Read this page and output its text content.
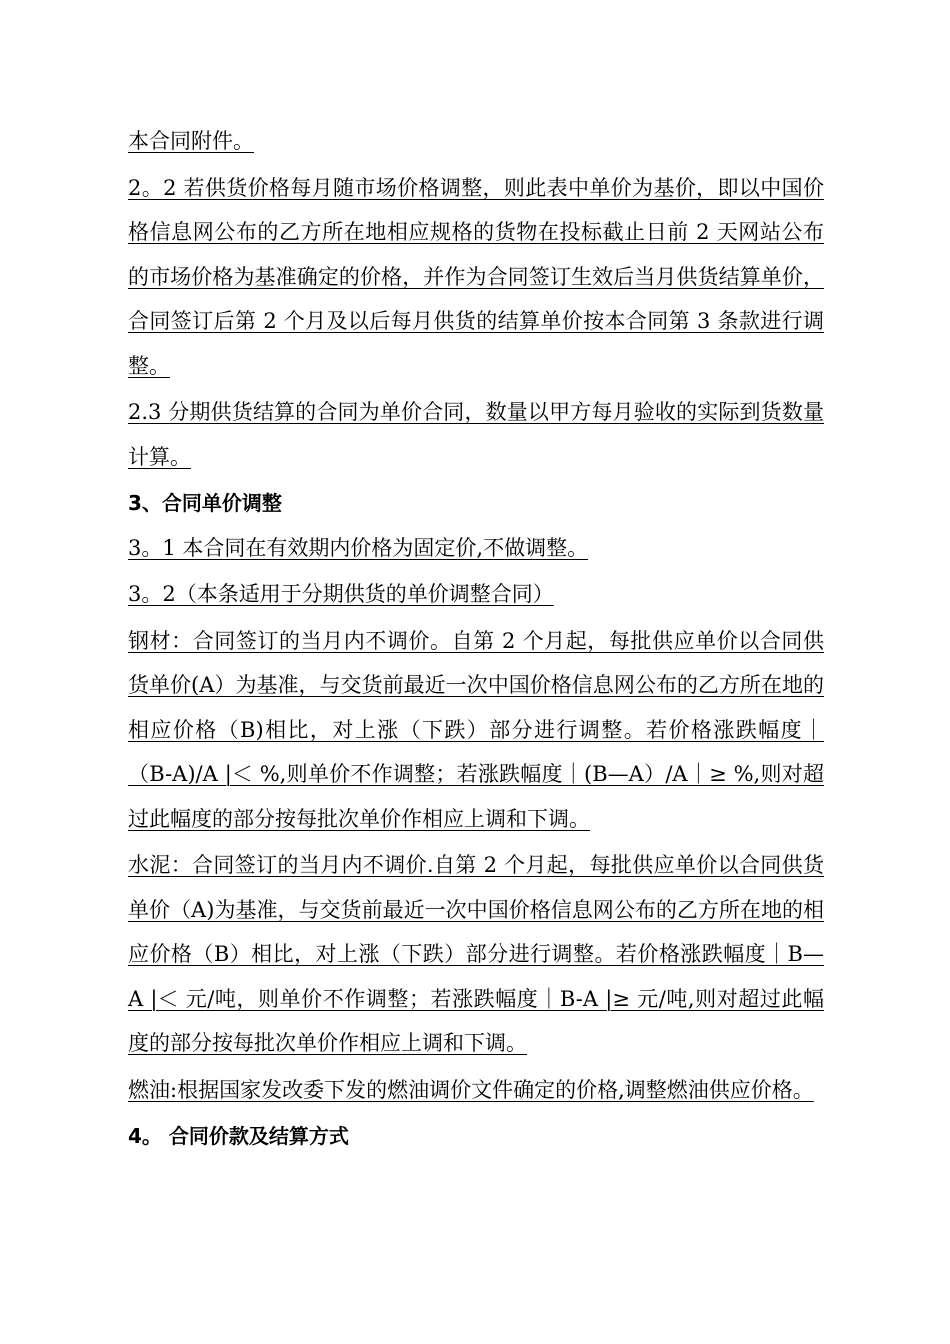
本合同附件。

2。2 若供货价格每月随市场价格调整，则此表中单价为基价，即以中国价格信息网公布的乙方所在地相应规格的货物在投标截止日前 2 天网站公布的市场价格为基准确定的价格，并作为合同签订生效后当月供货结算单价，合同签订后第 2 个月及以后每月供货的结算单价按本合同第 3 条款进行调整。

2.3 分期供货结算的合同为单价合同，数量以甲方每月验收的实际到货数量计算。

3、合同单价调整

3。1 本合同在有效期内价格为固定价,不做调整。

3。2（本条适用于分期供货的单价调整合同）

钢材：合同签订的当月内不调价。自第 2 个月起，每批供应单价以合同供货单价(A）为基准，与交货前最近一次中国价格信息网公布的乙方所在地的相应价格（B)相比，对上涨（下跌）部分进行调整。若价格涨跌幅度｜（B-A)/A |＜ %,则单价不作调整；若涨跌幅度｜(B—A）/A｜≥ %,则对超过此幅度的部分按每批次单价作相应上调和下调。

水泥：合同签订的当月内不调价.自第 2 个月起，每批供应单价以合同供货单价（A)为基准，与交货前最近一次中国价格信息网公布的乙方所在地的相应价格（B）相比，对上涨（下跌）部分进行调整。若价格涨跌幅度｜B—A |＜ 元/吨，则单价不作调整；若涨跌幅度｜B-A |≥ 元/吨,则对超过此幅度的部分按每批次单价作相应上调和下调。

燃油:根据国家发改委下发的燃油调价文件确定的价格,调整燃油供应价格。

4。 合同价款及结算方式
